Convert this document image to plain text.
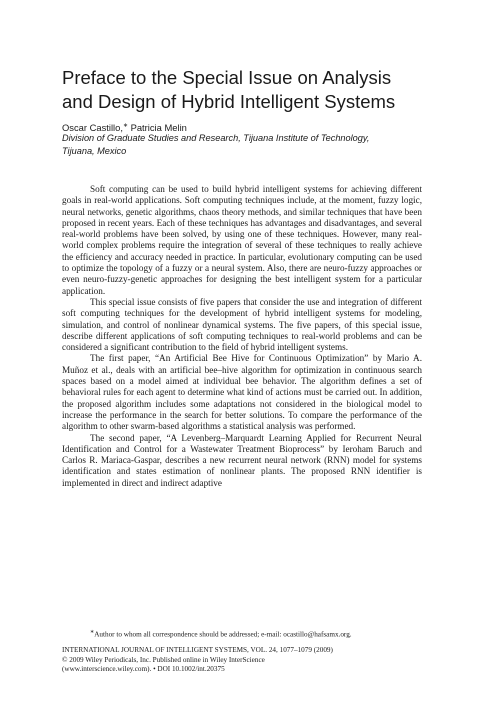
Preface to the Special Issue on Analysis
and Design of Hybrid Intelligent Systems
Oscar Castillo,∗ Patricia Melin
Division of Graduate Studies and Research, Tijuana Institute of Technology,
Tijuana, Mexico

Soft computing can be used to build hybrid intelligent systems for achieving different goals in real-world applications. Soft computing techniques include, at the moment, fuzzy logic, neural networks, genetic algorithms, chaos theory methods, and similar techniques that have been proposed in recent years. Each of these techniques has advantages and disadvantages, and several real-world problems have been solved, by using one of these techniques. However, many real-world complex problems require the integration of several of these techniques to really achieve the efficiency and accuracy needed in practice. In particular, evolutionary computing can be used to optimize the topology of a fuzzy or a neural system. Also, there are neuro-fuzzy approaches or even neuro-fuzzy-genetic approaches for designing the best intelligent system for a particular application.

This special issue consists of five papers that consider the use and integration of different soft computing techniques for the development of hybrid intelligent systems for modeling, simulation, and control of nonlinear dynamical systems. The five papers, of this special issue, describe different applications of soft computing techniques to real-world problems and can be considered a significant contribution to the field of hybrid intelligent systems.

The first paper, “An Artificial Bee Hive for Continuous Optimization” by Mario A. Muñoz et al., deals with an artificial bee–hive algorithm for optimization in continuous search spaces based on a model aimed at individual bee behavior. The algorithm defines a set of behavioral rules for each agent to determine what kind of actions must be carried out. In addition, the proposed algorithm includes some adaptations not considered in the biological model to increase the performance in the search for better solutions. To compare the performance of the algorithm to other swarm-based algorithms a statistical analysis was performed.

The second paper, “A Levenberg–Marquardt Learning Applied for Recurrent Neural Identification and Control for a Wastewater Treatment Bioprocess” by Ieroham Baruch and Carlos R. Mariaca-Gaspar, describes a new recurrent neural network (RNN) model for systems identification and states estimation of nonlinear plants. The proposed RNN identifier is implemented in direct and indirect adaptive

∗Author to whom all correspondence should be addressed; e-mail: ocastillo@hafsamx.org.
INTERNATIONAL JOURNAL OF INTELLIGENT SYSTEMS, VOL. 24, 1077–1079 (2009)
© 2009 Wiley Periodicals, Inc. Published online in Wiley InterScience
(www.interscience.wiley.com). • DOI 10.1002/int.20375
